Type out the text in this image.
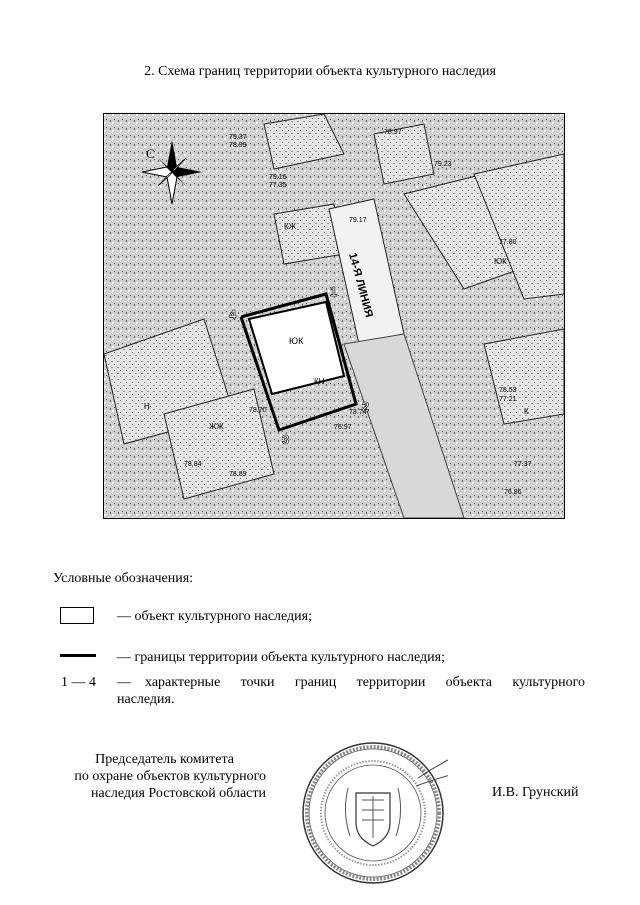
2. Схема границ территории объекта культурного наследия
14-Я ЛИНИЯ
ЮК
1
2
3
4
79.37
78.99
79.16
77.35
78.97
79.23
77.80
79.17
78.74
76.97
78.70
78.84
78.89
78.53
77.21
77.37
76.86
КН
КЖ
Н
К
ЮК
ЖЖ
С
Условные обозначения:
— объект культурного наследия;
— границы территории объекта культурного наследия;
1 — 4 — характерные точки границ территории объекта культурного
наследия.
Председатель комитета
по охране объектов культурного
наследия Ростовской области	И.В. Грунский
